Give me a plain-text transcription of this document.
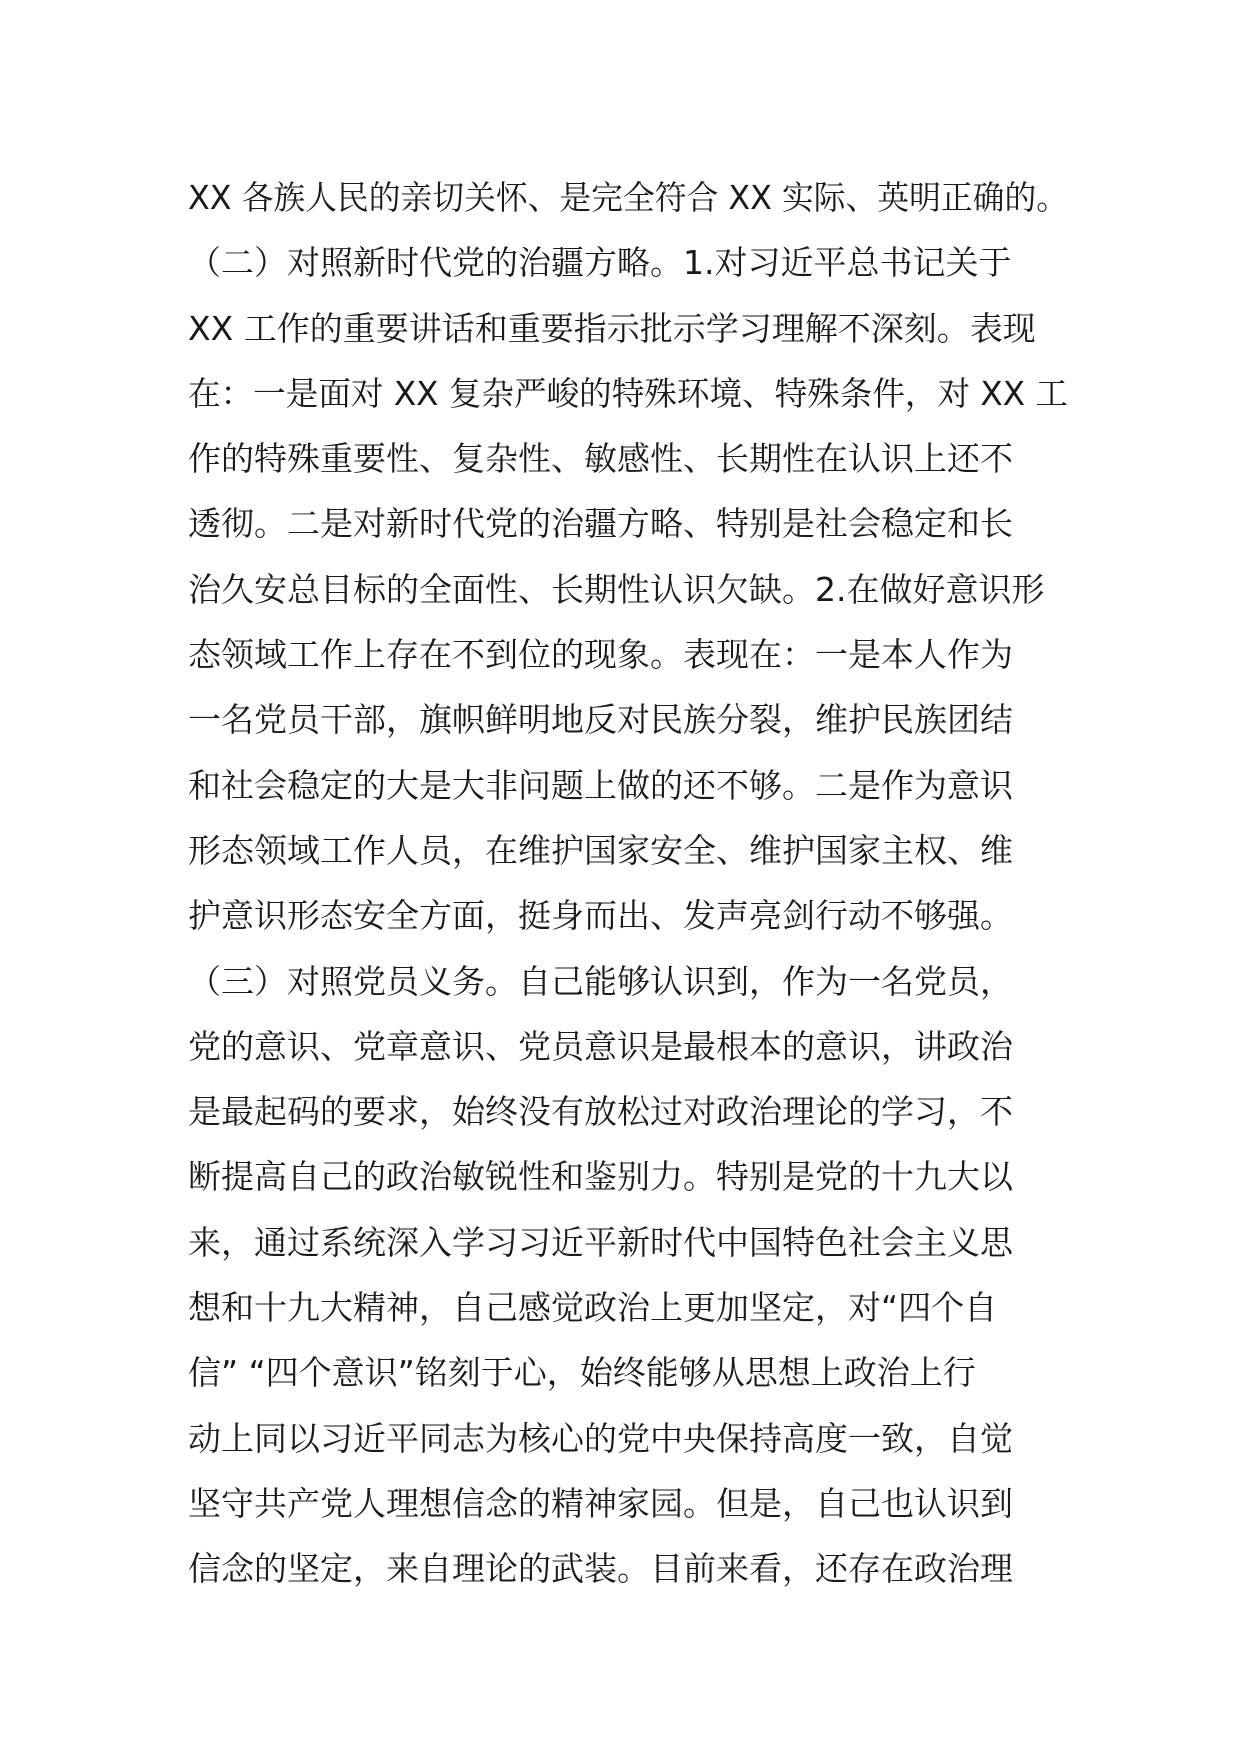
XX 各族人民的亲切关怀、是完全符合 XX 实际、英明正确的。
（二）对照新时代党的治疆方略。1.对习近平总书记关于
XX 工作的重要讲话和重要指示批示学习理解不深刻。表现
在：一是面对 XX 复杂严峻的特殊环境、特殊条件，对 XX 工
作的特殊重要性、复杂性、敏感性、长期性在认识上还不
透彻。二是对新时代党的治疆方略、特别是社会稳定和长
治久安总目标的全面性、长期性认识欠缺。2.在做好意识形
态领域工作上存在不到位的现象。表现在：一是本人作为
一名党员干部，旗帜鲜明地反对民族分裂，维护民族团结
和社会稳定的大是大非问题上做的还不够。二是作为意识
形态领域工作人员，在维护国家安全、维护国家主权、维
护意识形态安全方面，挺身而出、发声亮剑行动不够强。
（三）对照党员义务。自己能够认识到，作为一名党员，
党的意识、党章意识、党员意识是最根本的意识，讲政治
是最起码的要求，始终没有放松过对政治理论的学习，不
断提高自己的政治敏锐性和鉴别力。特别是党的十九大以
来，通过系统深入学习习近平新时代中国特色社会主义思
想和十九大精神，自己感觉政治上更加坚定，对“四个自
信” “四个意识”铭刻于心，始终能够从思想上政治上行
动上同以习近平同志为核心的党中央保持高度一致，自觉
坚守共产党人理想信念的精神家园。但是，自己也认识到
信念的坚定，来自理论的武装。目前来看，还存在政治理
